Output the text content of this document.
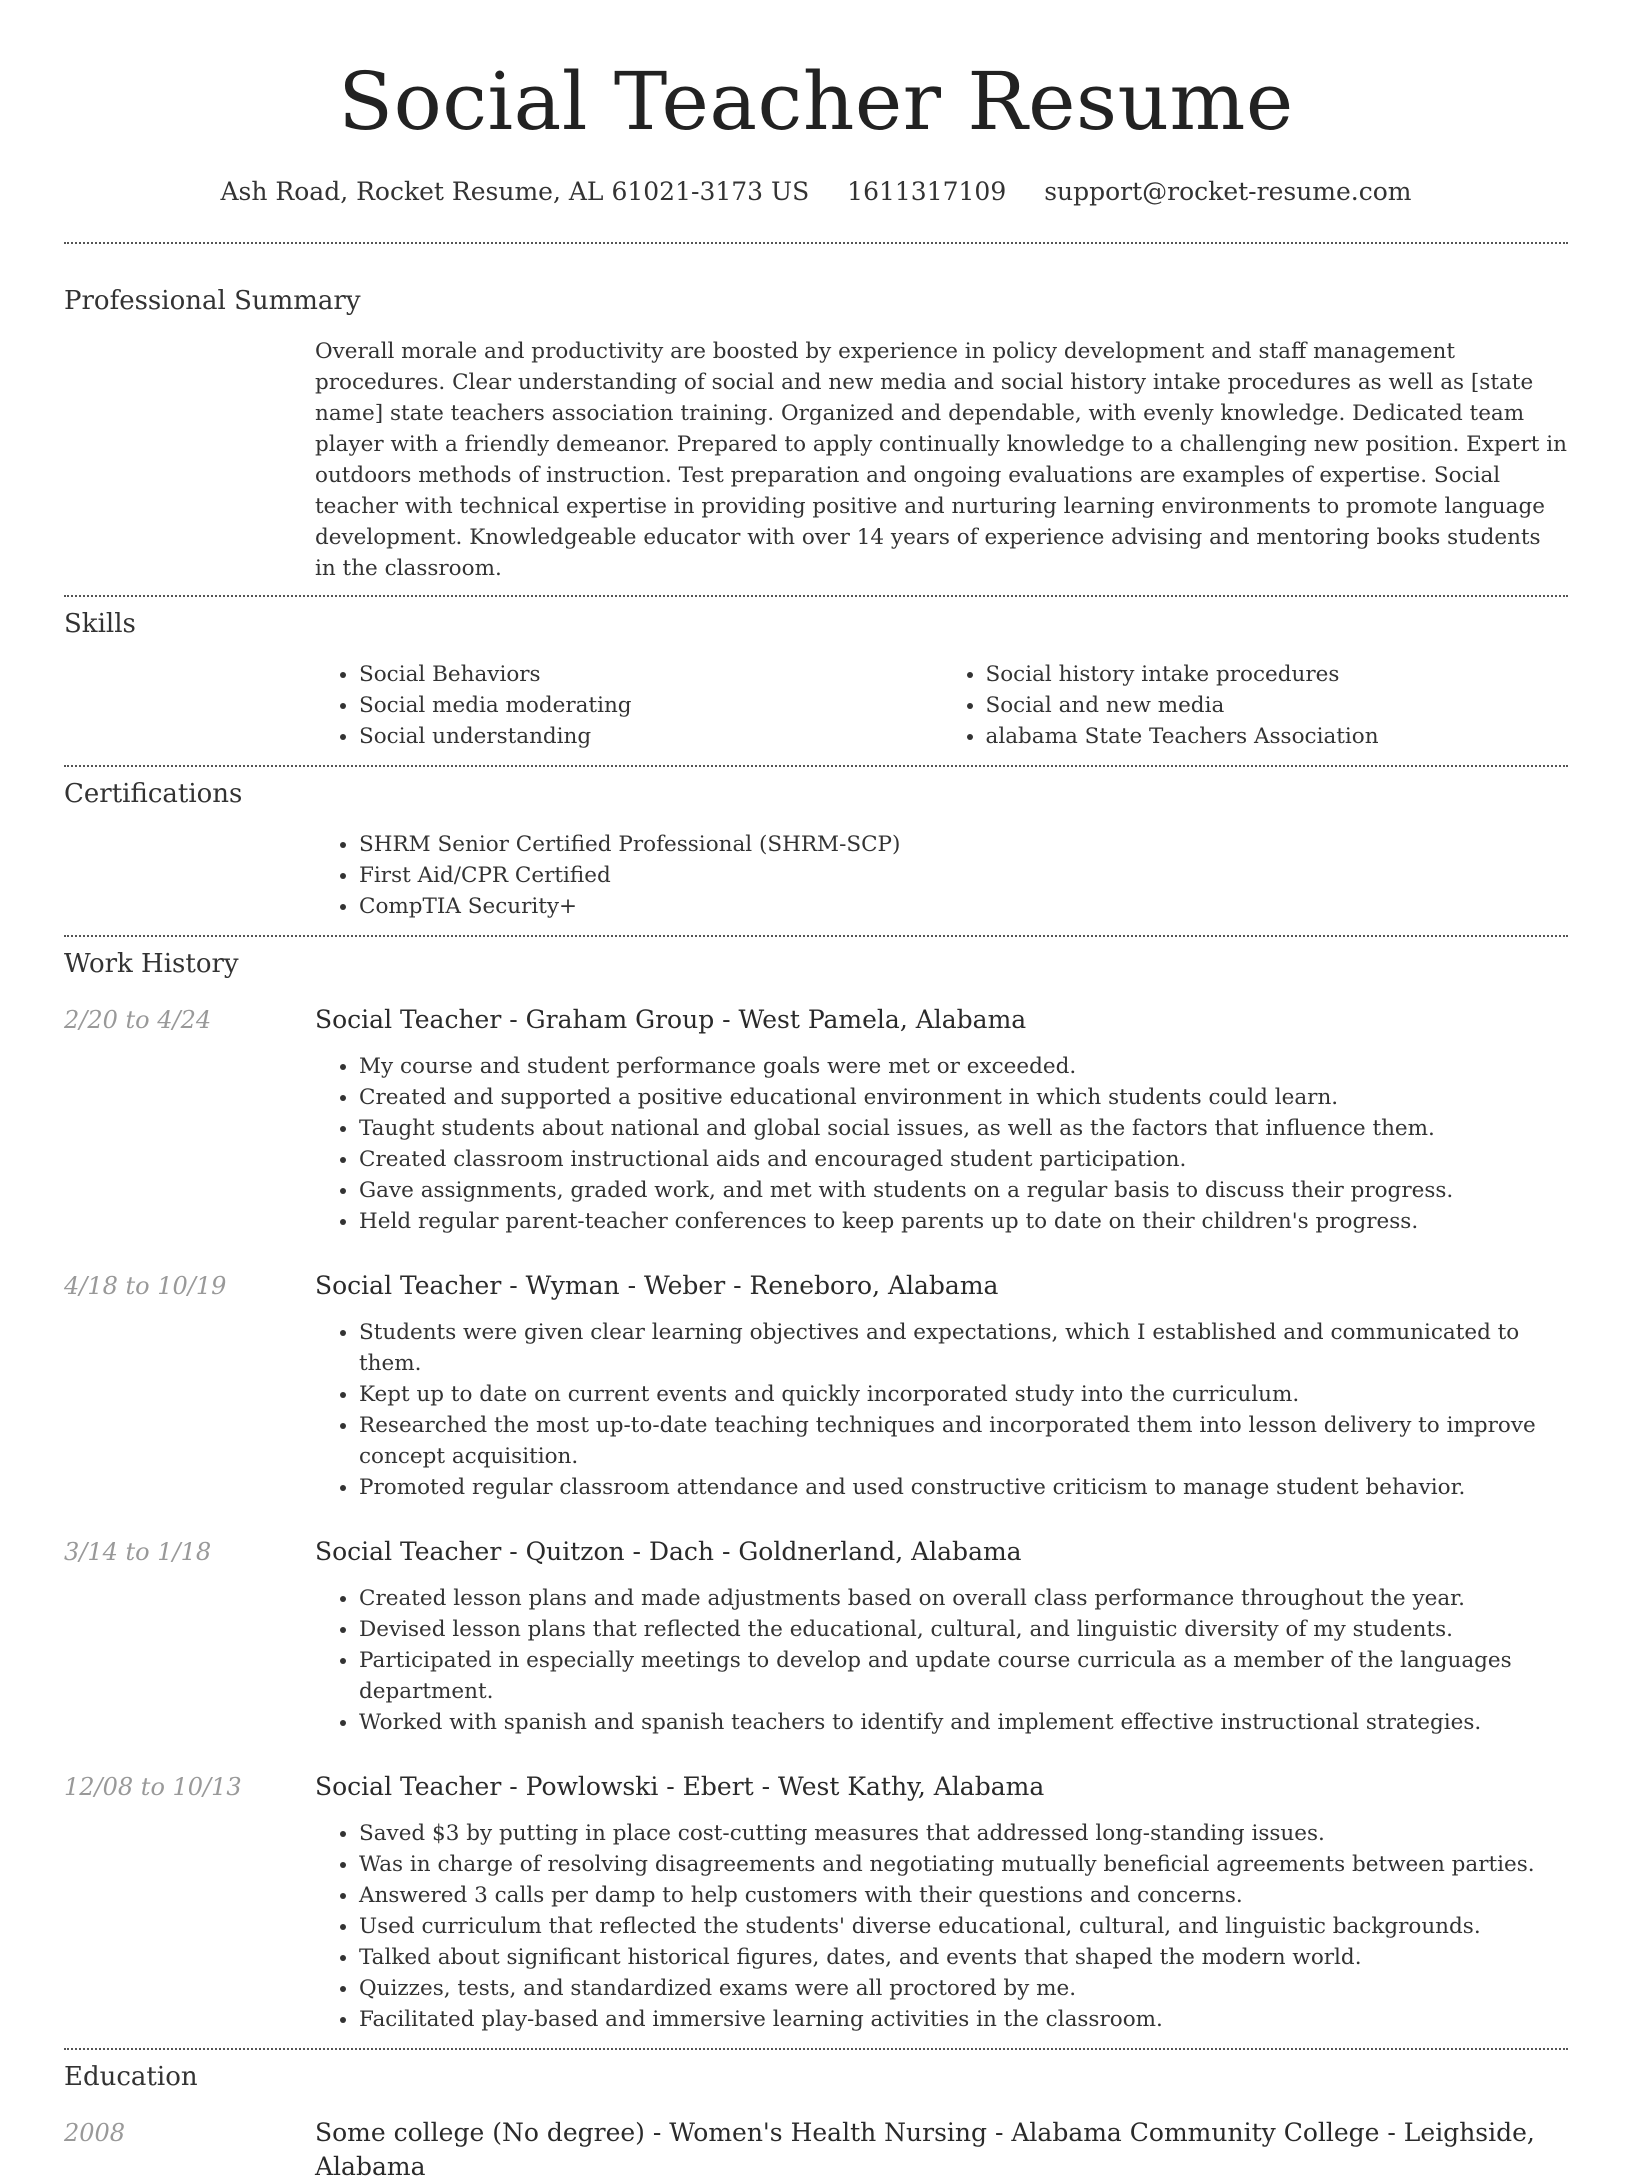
Social Teacher Resume
Ash Road, Rocket Resume, AL 61021-3173 US 1611317109 support@rocket-resume.com
Professional Summary

Overall morale and productivity are boosted by experience in policy development and staff management procedures. Clear understanding of social and new media and social history intake procedures as well as [state name] state teachers association training. Organized and dependable, with evenly knowledge. Dedicated team player with a friendly demeanor. Prepared to apply continually knowledge to a challenging new position. Expert in outdoors methods of instruction. Test preparation and ongoing evaluations are examples of expertise. Social teacher with technical expertise in providing positive and nurturing learning environments to promote language development. Knowledgeable educator with over 14 years of experience advising and mentoring books students in the classroom.

Skills
• Social Behaviors
• Social media moderating
• Social understanding
• Social history intake procedures
• Social and new media
• alabama State Teachers Association
Certifications
• SHRM Senior Certified Professional (SHRM-SCP)
• First Aid/CPR Certified
• CompTIA Security+
Work History
2/20 to 4/24	Social Teacher - Graham Group - West Pamela, Alabama
• My course and student performance goals were met or exceeded.
• Created and supported a positive educational environment in which students could learn.
• Taught students about national and global social issues, as well as the factors that influence them.
• Created classroom instructional aids and encouraged student participation.
• Gave assignments, graded work, and met with students on a regular basis to discuss their progress.
• Held regular parent-teacher conferences to keep parents up to date on their children's progress.
4/18 to 10/19	Social Teacher - Wyman - Weber - Reneboro, Alabama
• Students were given clear learning objectives and expectations, which I established and communicated to them.
• Kept up to date on current events and quickly incorporated study into the curriculum.
• Researched the most up-to-date teaching techniques and incorporated them into lesson delivery to improve concept acquisition.
• Promoted regular classroom attendance and used constructive criticism to manage student behavior.
3/14 to 1/18	Social Teacher - Quitzon - Dach - Goldnerland, Alabama
• Created lesson plans and made adjustments based on overall class performance throughout the year.
• Devised lesson plans that reflected the educational, cultural, and linguistic diversity of my students.
• Participated in especially meetings to develop and update course curricula as a member of the languages department.
• Worked with spanish and spanish teachers to identify and implement effective instructional strategies.
12/08 to 10/13	Social Teacher - Powlowski - Ebert - West Kathy, Alabama
• Saved $3 by putting in place cost-cutting measures that addressed long-standing issues.
• Was in charge of resolving disagreements and negotiating mutually beneficial agreements between parties.
• Answered 3 calls per damp to help customers with their questions and concerns.
• Used curriculum that reflected the students' diverse educational, cultural, and linguistic backgrounds.
• Talked about significant historical figures, dates, and events that shaped the modern world.
• Quizzes, tests, and standardized exams were all proctored by me.
• Facilitated play-based and immersive learning activities in the classroom.
Education
2008	Some college (No degree) - Women's Health Nursing - Alabama Community College - Leighside, Alabama
